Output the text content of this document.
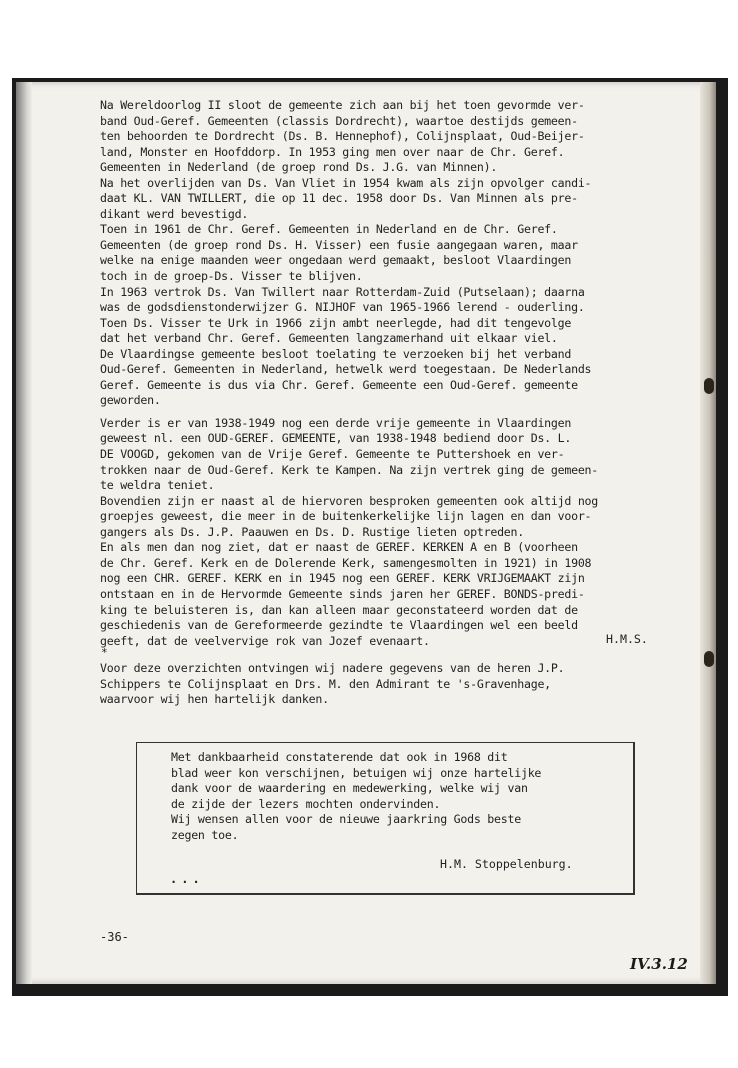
Na Wereldoorlog II sloot de gemeente zich aan bij het toen gevormde ver-
band Oud-Geref. Gemeenten (classis Dordrecht), waartoe destijds gemeen-
ten behoorden te Dordrecht (Ds. B. Hennephof), Colijnsplaat, Oud-Beijer-
land, Monster en Hoofddorp. In 1953 ging men over naar de Chr. Geref.
Gemeenten in Nederland (de groep rond Ds. J.G. van Minnen).
Na het overlijden van Ds. Van Vliet in 1954 kwam als zijn opvolger candi-
daat KL. VAN TWILLERT, die op 11 dec. 1958 door Ds. Van Minnen als pre-
dikant werd bevestigd.
Toen in 1961 de Chr. Geref. Gemeenten in Nederland en de Chr. Geref.
Gemeenten (de groep rond Ds. H. Visser) een fusie aangegaan waren, maar
welke na enige maanden weer ongedaan werd gemaakt, besloot Vlaardingen
toch in de groep-Ds. Visser te blijven.
In 1963 vertrok Ds. Van Twillert naar Rotterdam-Zuid (Putselaan); daarna
was de godsdienstonderwijzer G. NIJHOF van 1965-1966 lerend - ouderling.
Toen Ds. Visser te Urk in 1966 zijn ambt neerlegde, had dit tengevolge
dat het verband Chr. Geref. Gemeenten langzamerhand uit elkaar viel.
De Vlaardingse gemeente besloot toelating te verzoeken bij het verband
Oud-Geref. Gemeenten in Nederland, hetwelk werd toegestaan. De Nederlands
Geref. Gemeente is dus via Chr. Geref. Gemeente een Oud-Geref. gemeente
geworden.
Verder is er van 1938-1949 nog een derde vrije gemeente in Vlaardingen
geweest nl. een OUD-GEREF. GEMEENTE, van 1938-1948 bediend door Ds. L.
DE VOOGD, gekomen van de Vrije Geref. Gemeente te Puttershoek en ver-
trokken naar de Oud-Geref. Kerk te Kampen. Na zijn vertrek ging de gemeen-
te weldra teniet.
Bovendien zijn er naast al de hiervoren besproken gemeenten ook altijd nog
groepjes geweest, die meer in de buitenkerkelijke lijn lagen en dan voor-
gangers als Ds. J.P. Paauwen en Ds. D. Rustige lieten optreden.
En als men dan nog ziet, dat er naast de GEREF. KERKEN A en B (voorheen
de Chr. Geref. Kerk en de Dolerende Kerk, samengesmolten in 1921) in 1908
nog een CHR. GEREF. KERK en in 1945 nog een GEREF. KERK VRIJGEMAAKT zijn
ontstaan en in de Hervormde Gemeente sinds jaren her GEREF. BONDS-predi-
king te beluisteren is, dan kan alleen maar geconstateerd worden dat de
geschiedenis van de Gereformeerde gezindte te Vlaardingen wel een beeld
geeft, dat de veelvervige rok van Jozef evenaart.	H.M.S.
*
Voor deze overzichten ontvingen wij nadere gegevens van de heren J.P.
Schippers te Colijnsplaat en Drs. M. den Admirant te 's-Gravenhage,
waarvoor wij hen hartelijk danken.
Met dankbaarheid constaterende dat ook in 1968 dit
blad weer kon verschijnen, betuigen wij onze hartelijke
dank voor de waardering en medewerking, welke wij van
de zijde der lezers mochten ondervinden.
Wij wensen allen voor de nieuwe jaarkring Gods beste
zegen toe.
H.M. Stoppelenburg.
...
-36-
IV.3.12
